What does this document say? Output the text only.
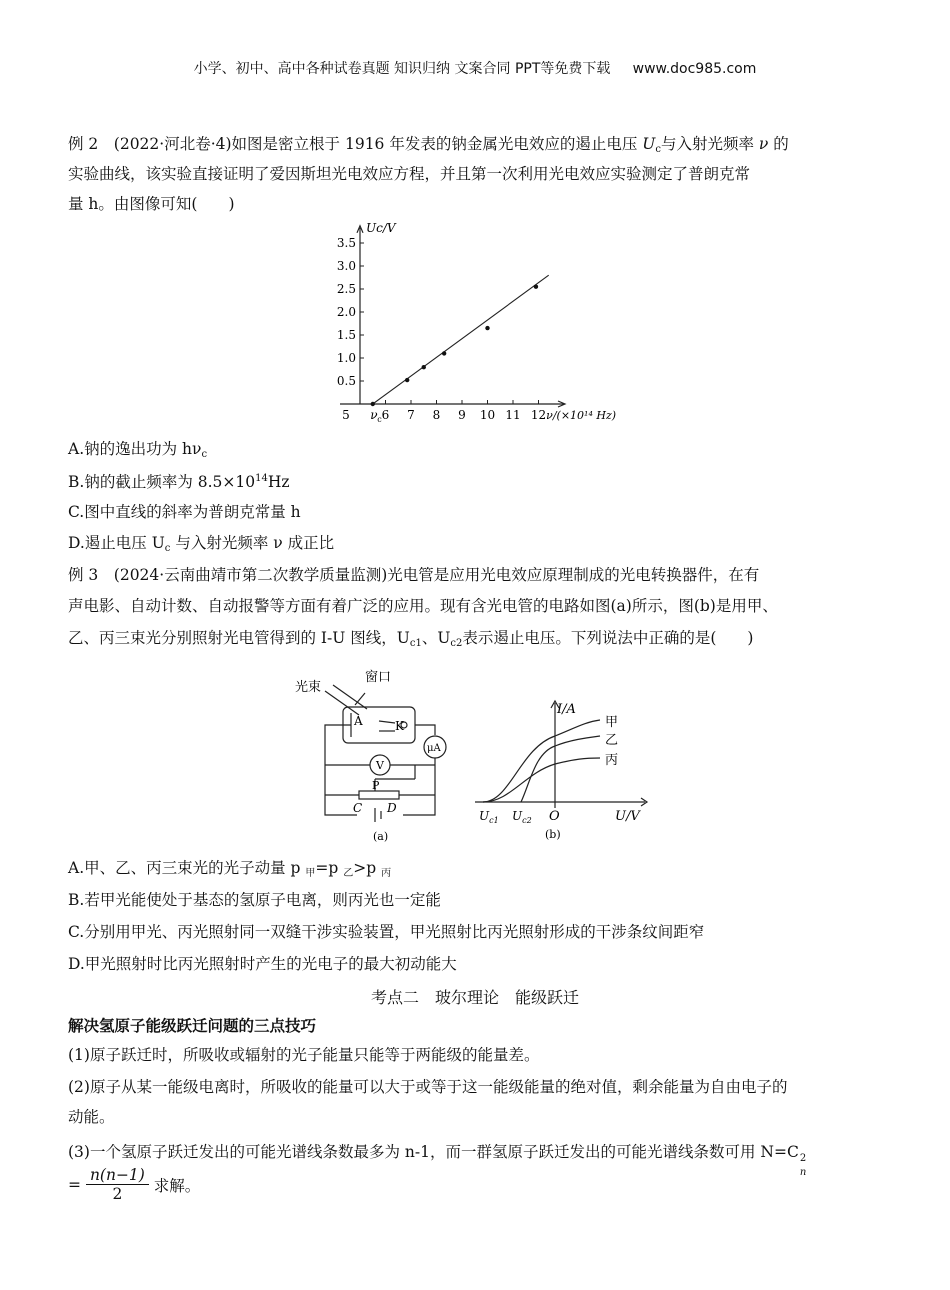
小学、初中、高中各种试卷真题 知识归纳 文案合同 PPT等免费下载     www.doc985.com
例 2　(2022·河北卷·4)如图是密立根于 1916 年发表的钠金属光电效应的遏止电压 $U_c$与入射光频率 ν 的
实验曲线，该实验直接证明了爱因斯坦光电效应方程，并且第一次利用光电效应实验测定了普朗克常
量 h。由图像可知(　　)
0.5
1.0
1.5
2.0
2.5
3.0
3.5
5	6 7 8 9 10 11 12
Uc/V
ν/(×10¹⁴ Hz)
ν c
A.钠的逸出功为 $h\nu_c$
B.钠的截止频率为 $8.5\times 10^{14}Hz$
C.图中直线的斜率为普朗克常量 h
D.遏止电压 $U_c$ 与入射光频率 ν 成正比
例 3　(2024·云南曲靖市第二次教学质量监测)光电管是应用光电效应原理制成的光电转换器件，在有
声电影、自动计数、自动报警等方面有着广泛的应用。现有含光电管的电路如图(a)所示，图(b)是用甲、
乙、丙三束光分别照射光电管得到的 I-U 图线，$U_{c1}$、$U_{c2}$表示遏止电压。下列说法中正确的是(　　)
光束
窗口
A	K
μA
V
P
C D
(a)
I/A
U/V
O
$U_{c1}$ $U_{c2}$
甲
乙
丙
(b)
A.甲、乙、丙三束光的光子动量 p $_甲$=p $_乙$>p $_丙$
B.若甲光能使处于基态的氢原子电离，则丙光也一定能
C.分别用甲光、丙光照射同一双缝干涉实验装置，甲光照射比丙光照射形成的干涉条纹间距窄
D.甲光照射时比丙光照射时产生的光电子的最大初动能大
考点二　玻尔理论　能级跃迁
解决氢原子能级跃迁问题的三点技巧
(1)原子跃迁时，所吸收或辐射的光子能量只能等于两能级的能量差。
(2)原子从某一能级电离时，所吸收的能量可以大于或等于这一能级能量的绝对值，剩余能量为自由电子的
动能。
(3)一个氢原子跃迁发出的可能光谱线条数最多为 n-1，而一群氢原子跃迁发出的可能光谱线条数可用 N=C 2
n
= $\frac{n(n-1)}{2}$ 求解。
